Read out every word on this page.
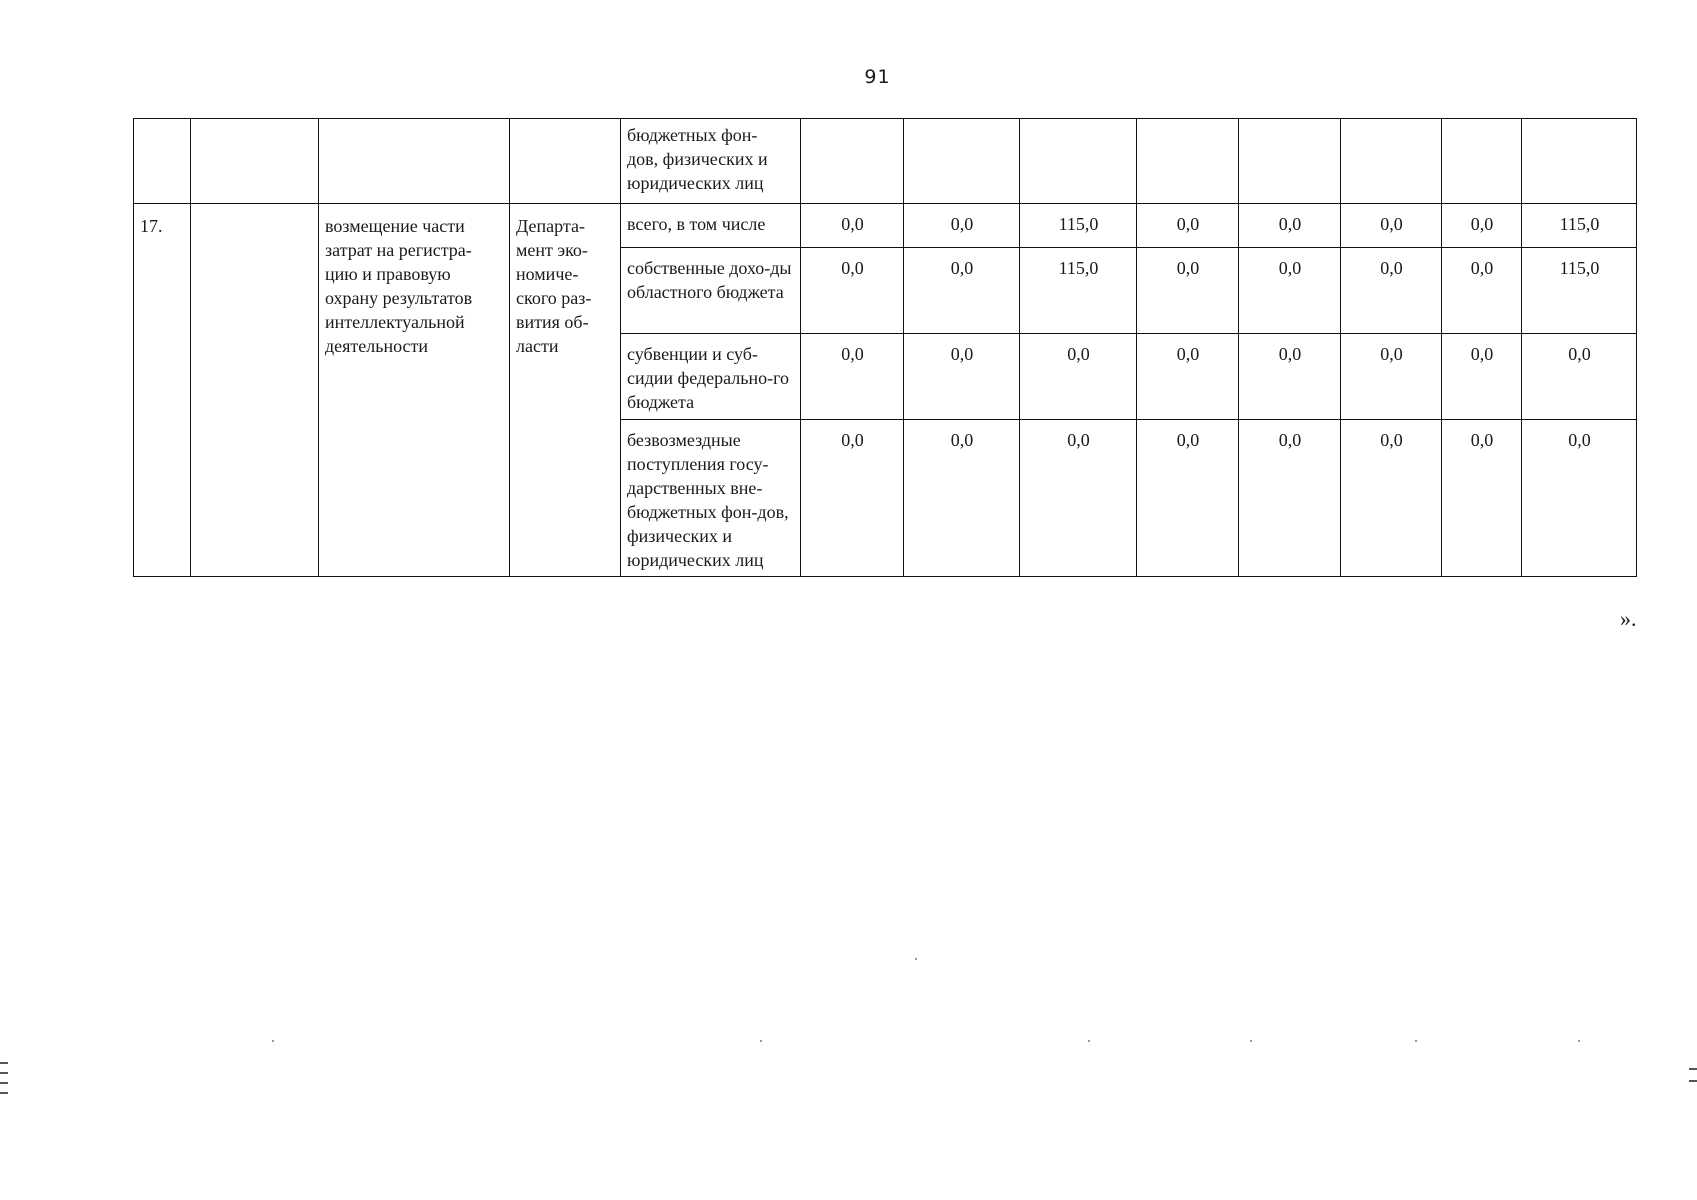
91
				бюджетных фон-
дов, физических и
юридических лиц								
17.		возмещение части затрат на регистра-цию и правовую охрану результатов интеллектуальной деятельности	Департа-мент эко-номиче-ского раз-вития об-ласти	всего, в том числе	0,0	0,0	115,0	0,0	0,0	0,0	0,0	115,0
				собственные дохо-ды областного бюджета	0,0	0,0	115,0	0,0	0,0	0,0	0,0	115,0
				субвенции и суб-сидии федерально-го бюджета	0,0	0,0	0,0	0,0	0,0	0,0	0,0	0,0
				безвозмездные поступления госу-дарственных вне-бюджетных фон-дов, физических и юридических лиц	0,0	0,0	0,0	0,0	0,0	0,0	0,0	0,0
».
